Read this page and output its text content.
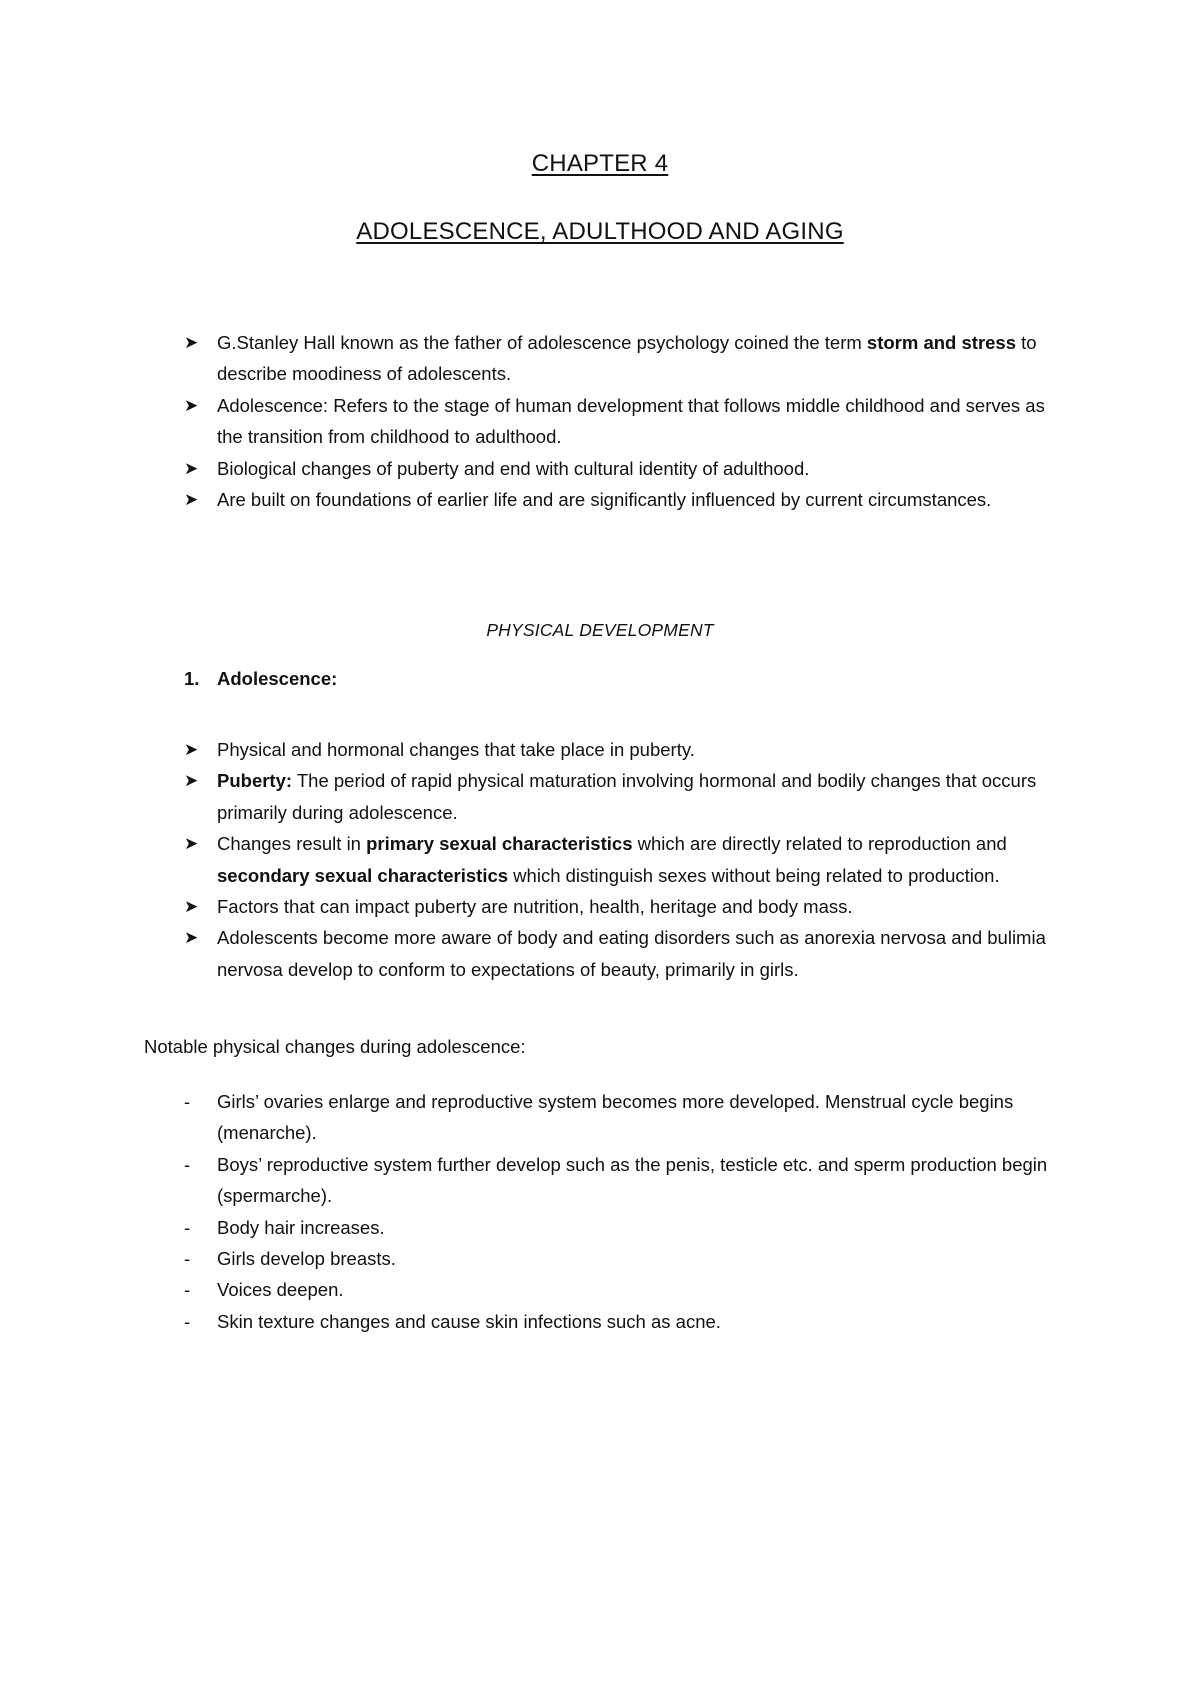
CHAPTER 4
ADOLESCENCE, ADULTHOOD AND AGING
➤ G.Stanley Hall known as the father of adolescence psychology coined the term storm and stress to describe moodiness of adolescents.
➤ Adolescence: Refers to the stage of human development that follows middle childhood and serves as the transition from childhood to adulthood.
➤ Biological changes of puberty and end with cultural identity of adulthood.
➤ Are built on foundations of earlier life and are significantly influenced by current circumstances.
PHYSICAL DEVELOPMENT
1. Adolescence:
➤ Physical and hormonal changes that take place in puberty.
➤ Puberty: The period of rapid physical maturation involving hormonal and bodily changes that occurs primarily during adolescence.
➤ Changes result in primary sexual characteristics which are directly related to reproduction and secondary sexual characteristics which distinguish sexes without being related to production.
➤ Factors that can impact puberty are nutrition, health, heritage and body mass.
➤ Adolescents become more aware of body and eating disorders such as anorexia nervosa and bulimia nervosa develop to conform to expectations of beauty, primarily in girls.
Notable physical changes during adolescence:
- Girls’ ovaries enlarge and reproductive system becomes more developed. Menstrual cycle begins (menarche).
- Boys’ reproductive system further develop such as the penis, testicle etc. and sperm production begin (spermarche).
- Body hair increases.
- Girls develop breasts.
- Voices deepen.
- Skin texture changes and cause skin infections such as acne.
